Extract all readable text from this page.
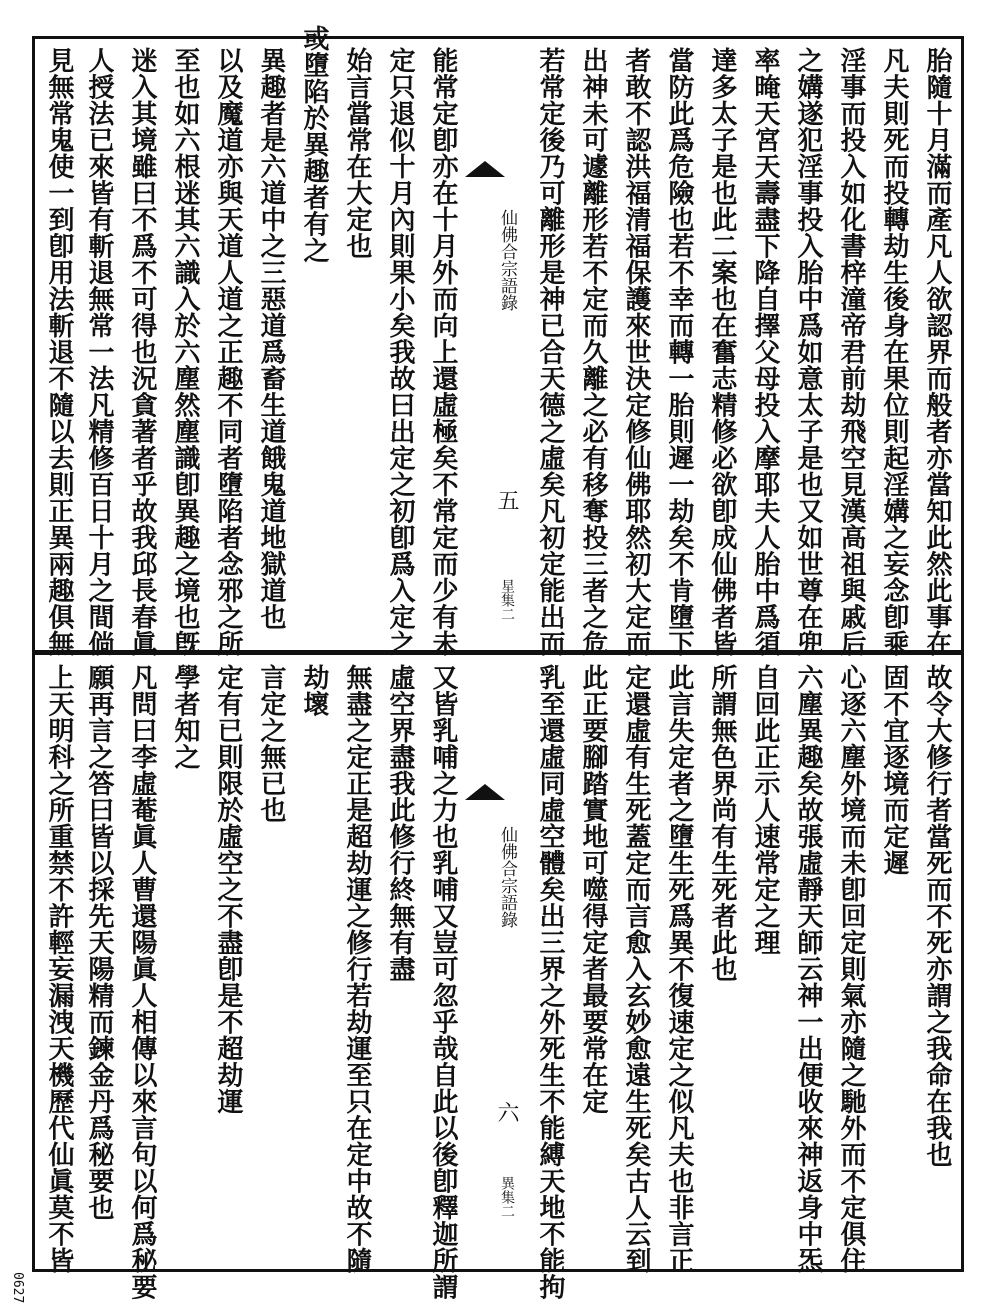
胎隨十月滿而產凡人欲認界而般者亦當知此然此事在
凡夫則死而投轉劫生後身在果位則起淫媾之妄念卽乘
淫事而投入如化書梓潼帝君前劫飛空見漢高祖與戚后
之媾遂犯淫事投入胎中爲如意太子是也又如世尊在兜
率晻天宮天壽盡下降自擇父母投入摩耶夫人胎中爲須
達多太子是也此二案也在奮志精修必欲卽成仙佛者皆
當防此爲危險也若不幸而轉一胎則遲一劫矣不肯墮下
者敢不認洪福清福保護來世決定修仙佛耶然初大定而
出神未可遽離形若不定而久離之必有移奪投三者之危
若常定後乃可離形是神已合天德之虛矣凡初定能出而
仙佛合宗語錄
五
星集二
能常定卽亦在十月外而向上還虛極矣不常定而少有未
定只退似十月內則果小矣我故曰出定之初卽爲入定之
始言當常在大定也
或墮陷於異趣者有之
異趣者是六道中之三惡道爲畜生道餓鬼道地獄道也
以及魔道亦與天道人道之正趣不同者墮陷者念邪之所
至也如六根迷其六識入於六塵然塵識卽異趣之境也旣
迷入其境雖曰不爲不可得也況貪著者乎故我邱長春眞
人授法已來皆有斬退無常一法凡精修百日十月之間倘
見無常鬼使一到卽用法斬退不隨以去則正異兩趣俱無
故令大修行者當死而不死亦謂之我命在我也
固不宜逐境而定遲
心逐六塵外境而未卽回定則氣亦隨之馳外而不定俱住
六塵異趣矣故張虛靜天師云神一出便收來神返身中炁
自回此正示人速常定之理
所謂無色界尚有生死者此也
此言失定者之墮生死爲異不復速定之似凡夫也非言正
定還虛有生死蓋定而言愈入玄妙愈遠生死矣古人云到
此正要腳踏實地可噬得定者最要常在定
乳至還虛同虛空體矣出三界之外死生不能縛天地不能拘
仙佛合宗語錄
六
異集二
又皆乳哺之力也乳哺又豈可忽乎哉自此以後卽釋迦所謂
虛空界盡我此修行終無有盡
無盡之定正是超劫運之修行若劫運至只在定中故不隨
劫壞
言定之無已也
定有已則限於虛空之不盡卽是不超劫運
學者知之
凡問曰李虛菴眞人曹還陽眞人相傳以來言句以何爲秘要
願再言之答曰皆以採先天陽精而鍊金丹爲秘要也
上天明科之所重禁不許輕妄漏洩天機歷代仙眞莫不皆
0627
